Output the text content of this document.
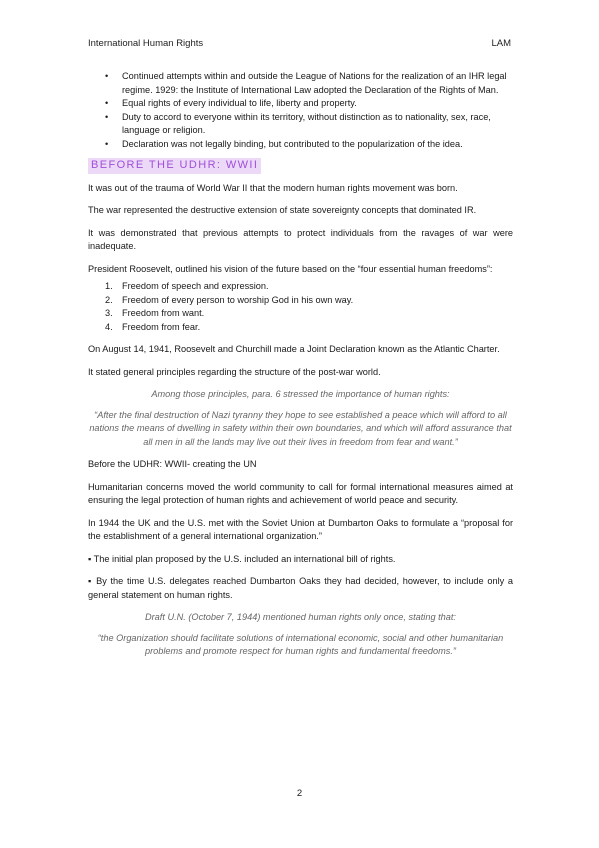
International Human Rights	LAM
• Continued attempts within and outside the League of Nations for the realization of an IHR legal regime. 1929: the Institute of International Law adopted the Declaration of the Rights of Man.
• Equal rights of every individual to life, liberty and property.
• Duty to accord to everyone within its territory, without distinction as to nationality, sex, race, language or religion.
• Declaration was not legally binding, but contributed to the popularization of the idea.
BEFORE THE UDHR: WWII

It was out of the trauma of World War II that the modern human rights movement was born.

The war represented the destructive extension of state sovereignty concepts that dominated IR.

It was demonstrated that previous attempts to protect individuals from the ravages of war were inadequate.

President Roosevelt, outlined his vision of the future based on the “four essential human freedoms”:

1. Freedom of speech and expression.
2. Freedom of every person to worship God in his own way.
3. Freedom from want.
4. Freedom from fear.

On August 14, 1941, Roosevelt and Churchill made a Joint Declaration known as the Atlantic Charter.

It stated general principles regarding the structure of the post-war world.

Among those principles, para. 6 stressed the importance of human rights:
“After the final destruction of Nazi tyranny they hope to see established a peace which will afford to all nations the means of dwelling in safety within their own boundaries, and which will afford assurance that all men in all the lands may live out their lives in freedom from fear and want.”

Before the UDHR: WWII- creating the UN

Humanitarian concerns moved the world community to call for formal international measures aimed at ensuring the legal protection of human rights and achievement of world peace and security.

In 1944 the UK and the U.S. met with the Soviet Union at Dumbarton Oaks to formulate a “proposal for the establishment of a general international organization.”

▪ The initial plan proposed by the U.S. included an international bill of rights.

▪ By the time U.S. delegates reached Dumbarton Oaks they had decided, however, to include only a general statement on human rights.

Draft U.N. (October 7, 1944) mentioned human rights only once, stating that:
“the Organization should facilitate solutions of international economic, social and other humanitarian problems and promote respect for human rights and fundamental freedoms.”
2
